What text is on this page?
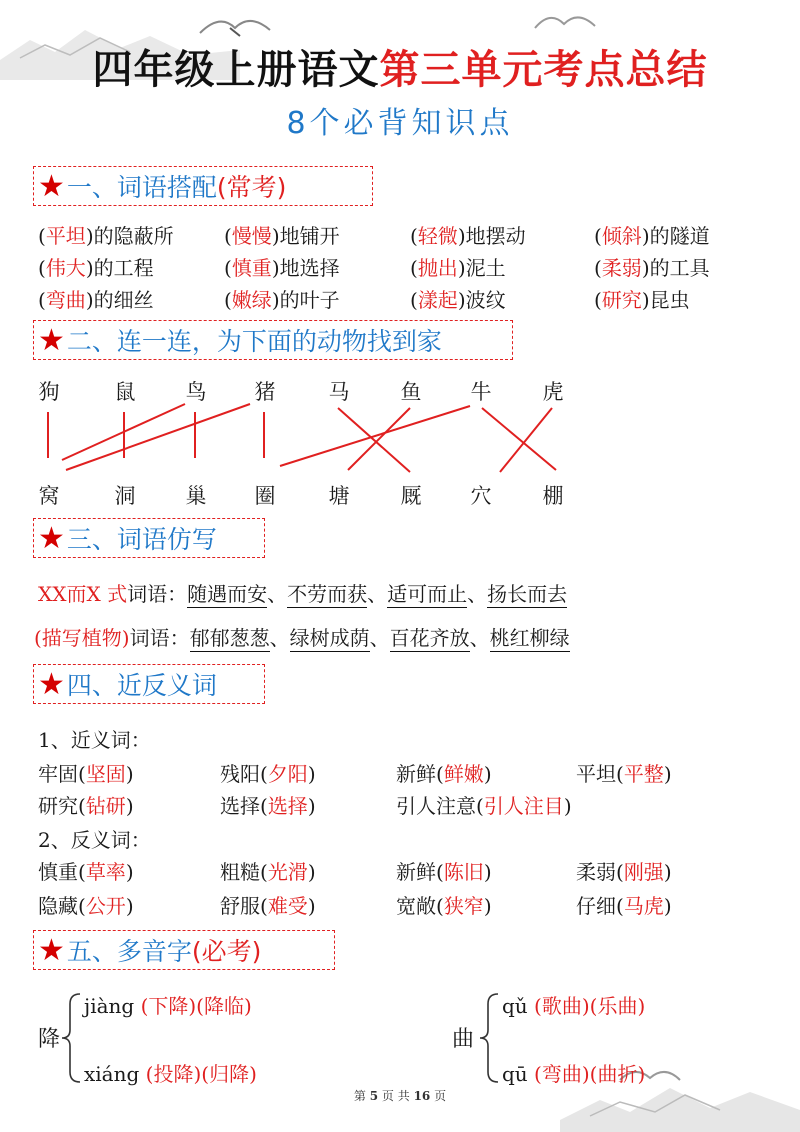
四年级上册语文第三单元考点总结
8个必背知识点
★ 一、词语搭配 (常考)
(平坦)的隐蔽所	(慢慢)地铺开	(轻微)地摆动	(倾斜)的隧道
(伟大)的工程	(慎重)地选择	(抛出)泥土	(柔弱)的工具
(弯曲)的细丝	(嫩绿)的叶子	(漾起)波纹	(研究)昆虫
★ 二、连一连，为下面的动物找到家
狗	鼠 鸟 猪	马 鱼 牛 虎
窝	洞 巢 圈	塘 厩 穴 棚
★ 三、词语仿写
XX而X 式词语：随遇而安、不劳而获、适可而止、扬长而去
(描写植物)词语：郁郁葱葱、绿树成荫、百花齐放、桃红柳绿
★ 四、近反义词
1、近义词：
牢固(坚固)	残阳(夕阳)	新鲜(鲜嫩)	平坦(平整)
研究(钻研)	选择(选择)	引人注意(引人注目)
2、反义词：
慎重(草率)	粗糙(光滑)	新鲜(陈旧)	柔弱(刚强)
隐藏(公开)	舒服(难受)	宽敞(狭窄)	仔细(马虎)
★ 五、多音字 (必考)
降
jiàng (下降)(降临)
xiáng (投降)(归降)
曲
qǔ (歌曲)(乐曲)
qū (弯曲)(曲折)
第 5 页 共 16 页
